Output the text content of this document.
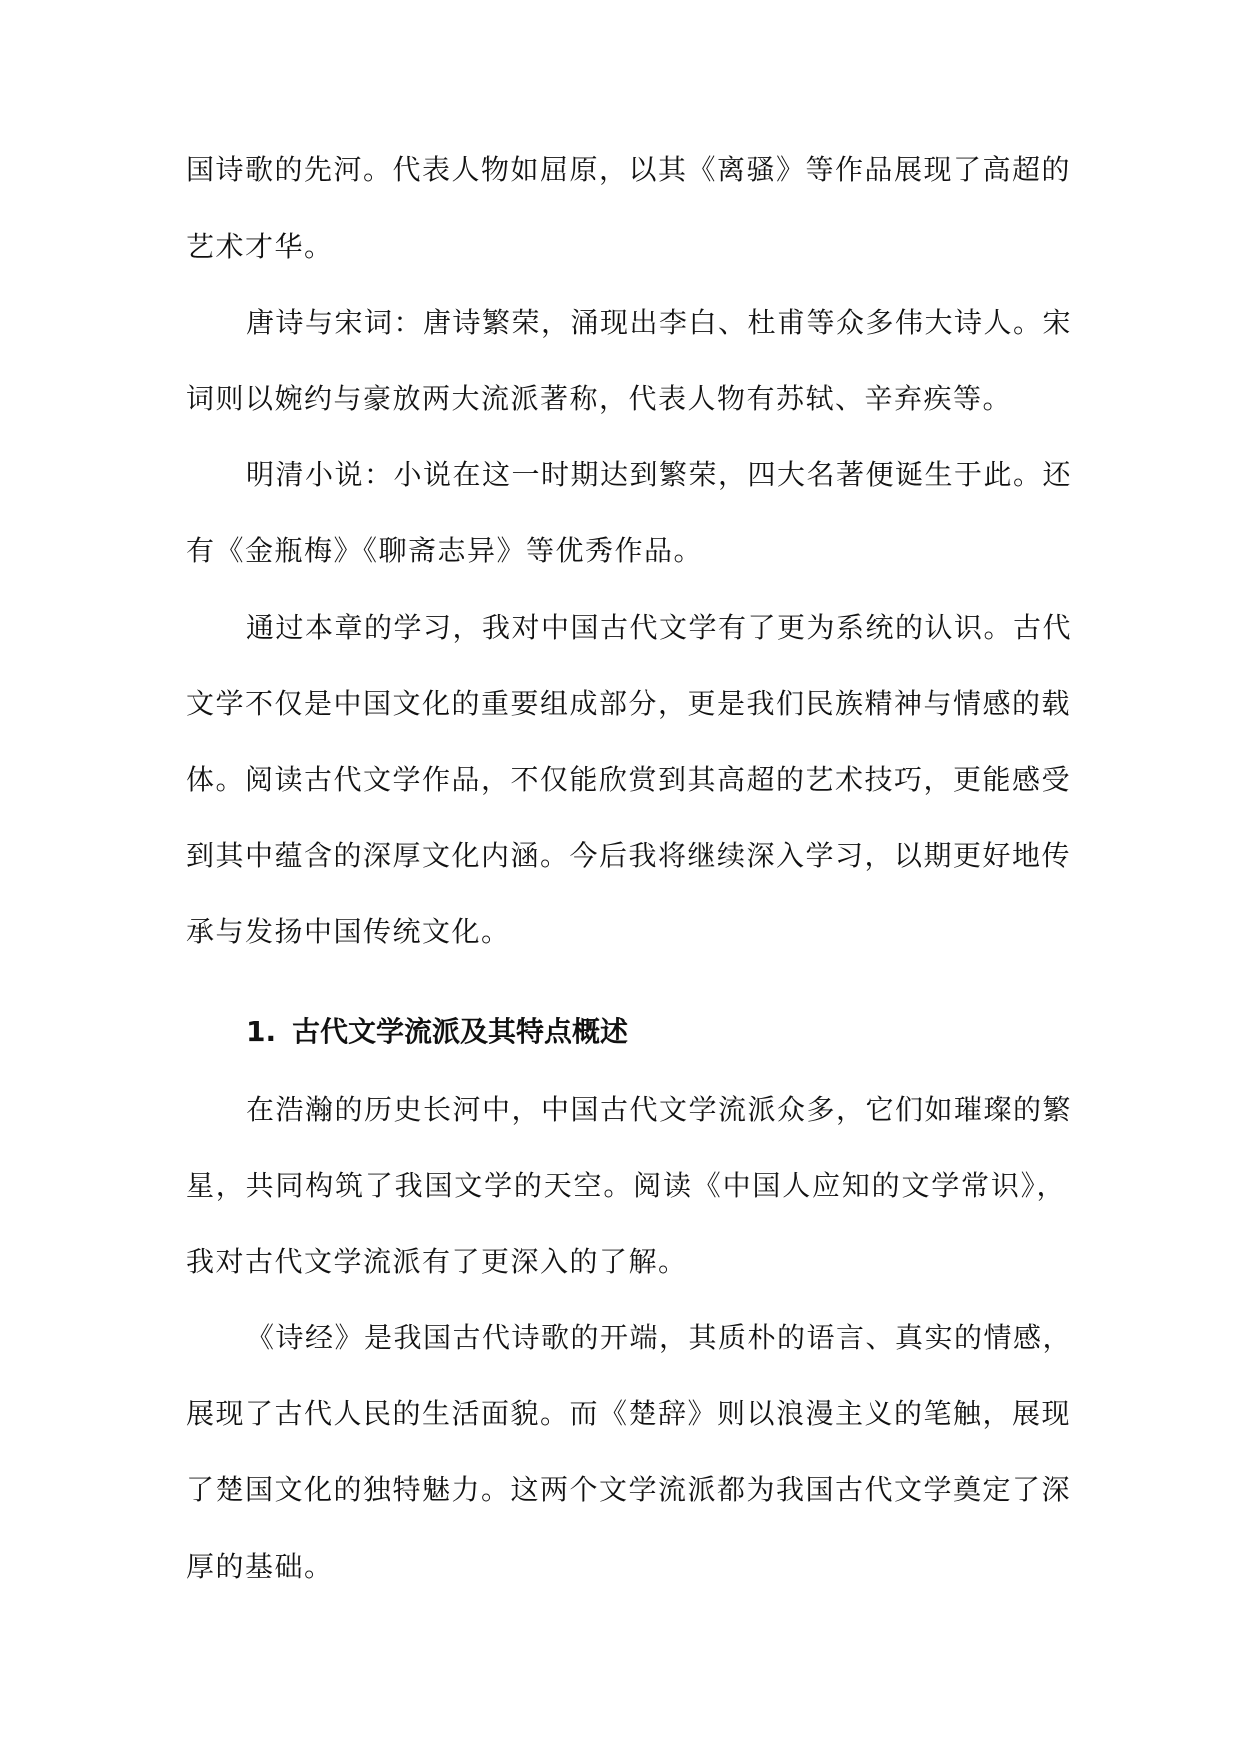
国诗歌的先河。代表人物如屈原，以其《离骚》等作品展现了高超的
艺术才华。
唐诗与宋词：唐诗繁荣，涌现出李白、杜甫等众多伟大诗人。宋
词则以婉约与豪放两大流派著称，代表人物有苏轼、辛弃疾等。
明清小说：小说在这一时期达到繁荣，四大名著便诞生于此。还
有《金瓶梅》《聊斋志异》等优秀作品。
通过本章的学习，我对中国古代文学有了更为系统的认识。古代
文学不仅是中国文化的重要组成部分，更是我们民族精神与情感的载
体。阅读古代文学作品，不仅能欣赏到其高超的艺术技巧，更能感受
到其中蕴含的深厚文化内涵。今后我将继续深入学习，以期更好地传
承与发扬中国传统文化。
1. 古代文学流派及其特点概述
在浩瀚的历史长河中，中国古代文学流派众多，它们如璀璨的繁
星，共同构筑了我国文学的天空。阅读《中国人应知的文学常识》，
我对古代文学流派有了更深入的了解。
《诗经》是我国古代诗歌的开端，其质朴的语言、真实的情感，
展现了古代人民的生活面貌。而《楚辞》则以浪漫主义的笔触，展现
了楚国文化的独特魅力。这两个文学流派都为我国古代文学奠定了深
厚的基础。
